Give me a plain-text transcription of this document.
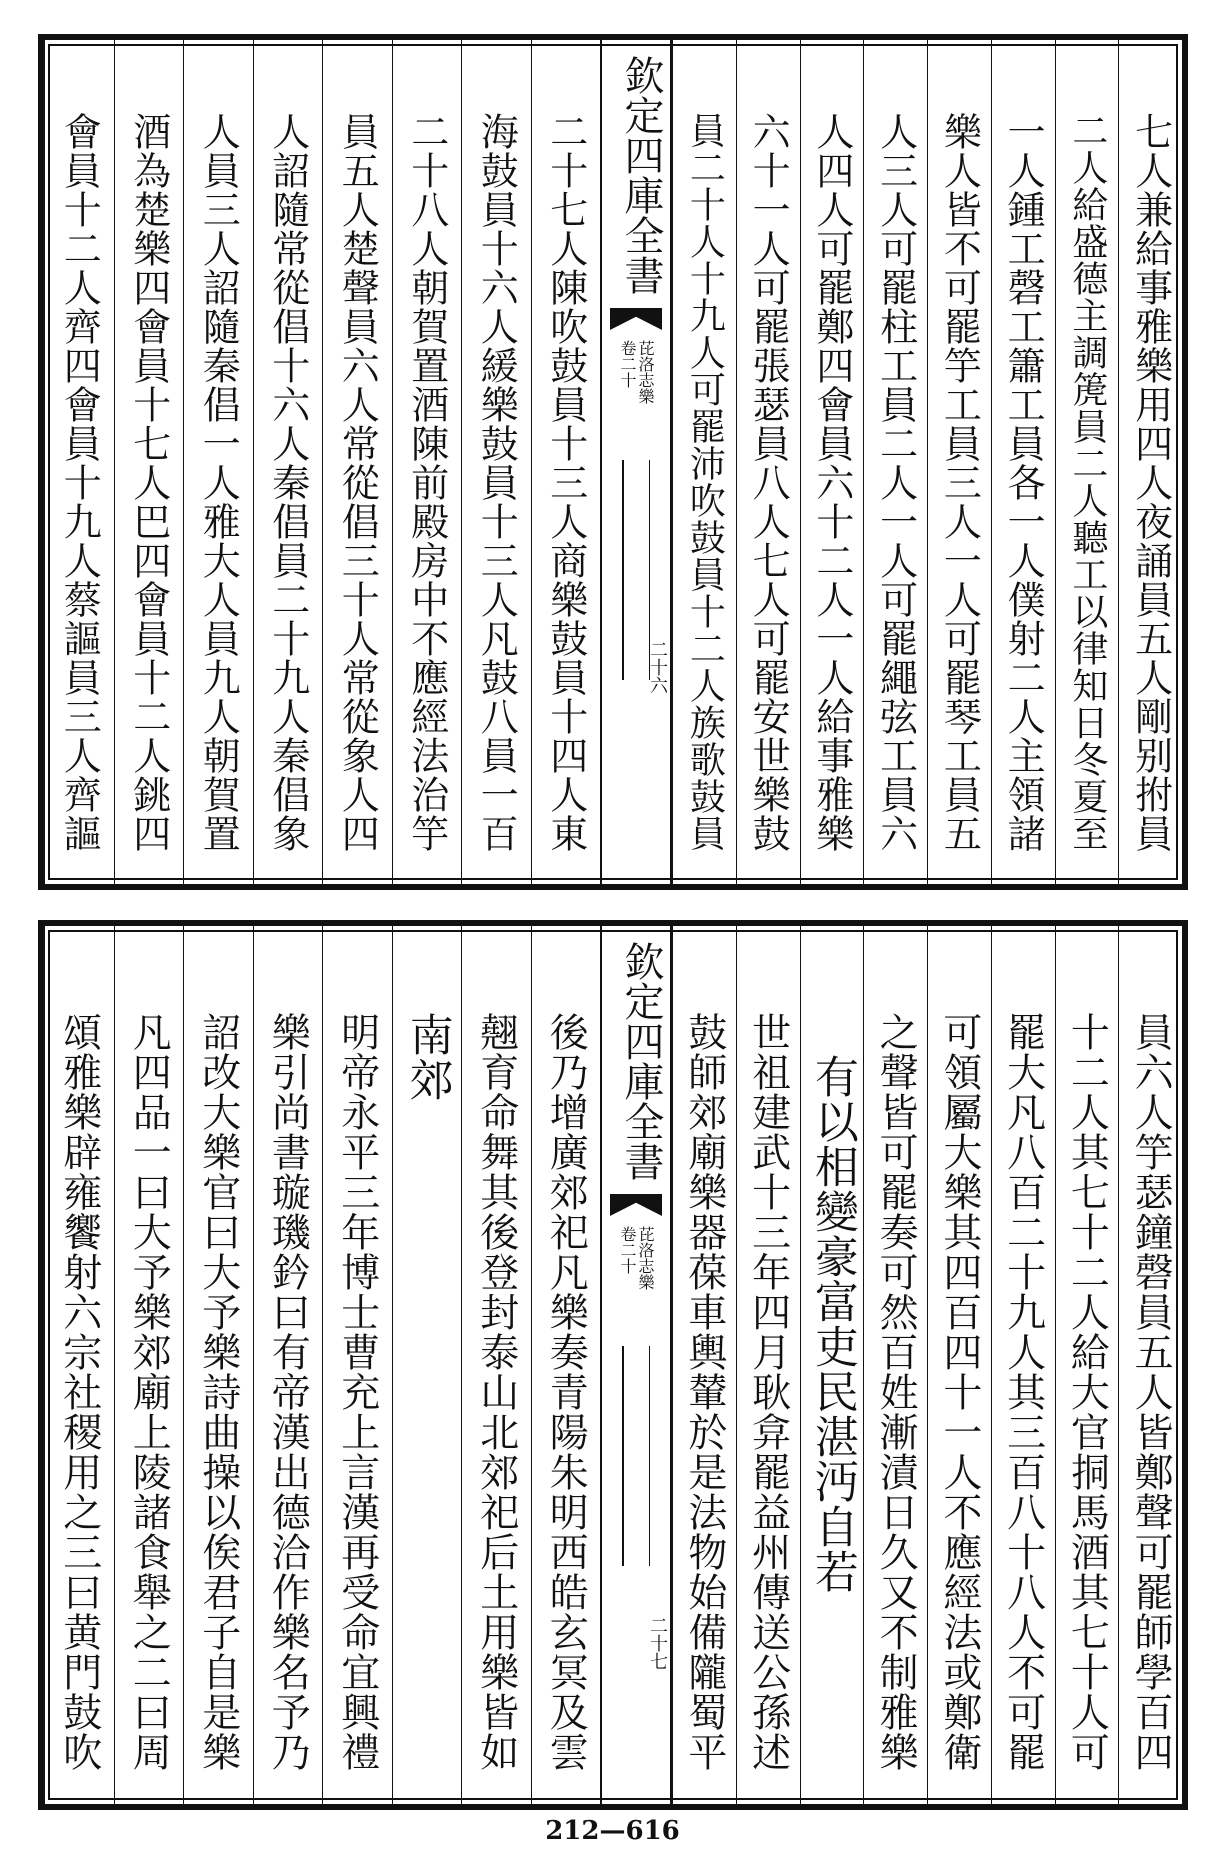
欽定四庫全書
卷二十 芘洛志樂
二十六	七人兼給事雅樂用四人夜誦員五人剛别拊員
二人給盛德主調箎員二人聽工以律知日冬夏至
一人鍾工磬工簫工員各一人僕射二人主領諸
樂人皆不可罷竽工員三人一人可罷琴工員五
人三人可罷柱工員二人一人可罷繩弦工員六
人四人可罷鄭四會員六十二人一人給事雅樂
六十一人可罷張瑟員八人七人可罷安世樂鼓
員二十人十九人可罷沛吹鼓員十二人族歌鼓員
二十七人陳吹鼓員十三人商樂鼓員十四人東
海鼓員十六人緩樂鼓員十三人凡鼓八員一百
二十八人朝賀置酒陳前殿房中不應經法治竽
員五人楚聲員六人常從倡三十人常從象人四
人詔隨常從倡十六人秦倡員二十九人秦倡象
人員三人詔隨秦倡一人雅大人員九人朝賀置
酒為楚樂四會員十七人巴四會員十二人銚四
會員十二人齊四會員十九人蔡謳員三人齊謳
欽定四庫全書
卷二十 芘洛志樂
二十七	員六人竽瑟鐘磬員五人皆鄭聲可罷師學百四
十二人其七十二人給大官挏馬酒其七十人可
罷大凡八百二十九人其三百八十八人不可罷
可領屬大樂其四百四十一人不應經法或鄭衛
之聲皆可罷奏可然百姓漸漬日久又不制雅樂
有以相變豪富吏民湛沔自若
世祖建武十三年四月耿弇罷益州傳送公孫述
鼓師郊廟樂器葆車輿輦於是法物始備隴蜀平
後乃增廣郊祀凡樂奏青陽朱明西皓玄冥及雲
翹育命舞其後登封泰山北郊祀后土用樂皆如
南郊
明帝永平三年博士曹充上言漢再受命宜興禮
樂引尚書璇璣鈐曰有帝漢出德洽作樂名予乃
詔改大樂官曰大予樂詩曲操以俟君子自是樂
凡四品一曰大予樂郊廟上陵諸食舉之二曰周
頌雅樂辟雍饗射六宗社稷用之三曰黄門鼓吹
212—616
